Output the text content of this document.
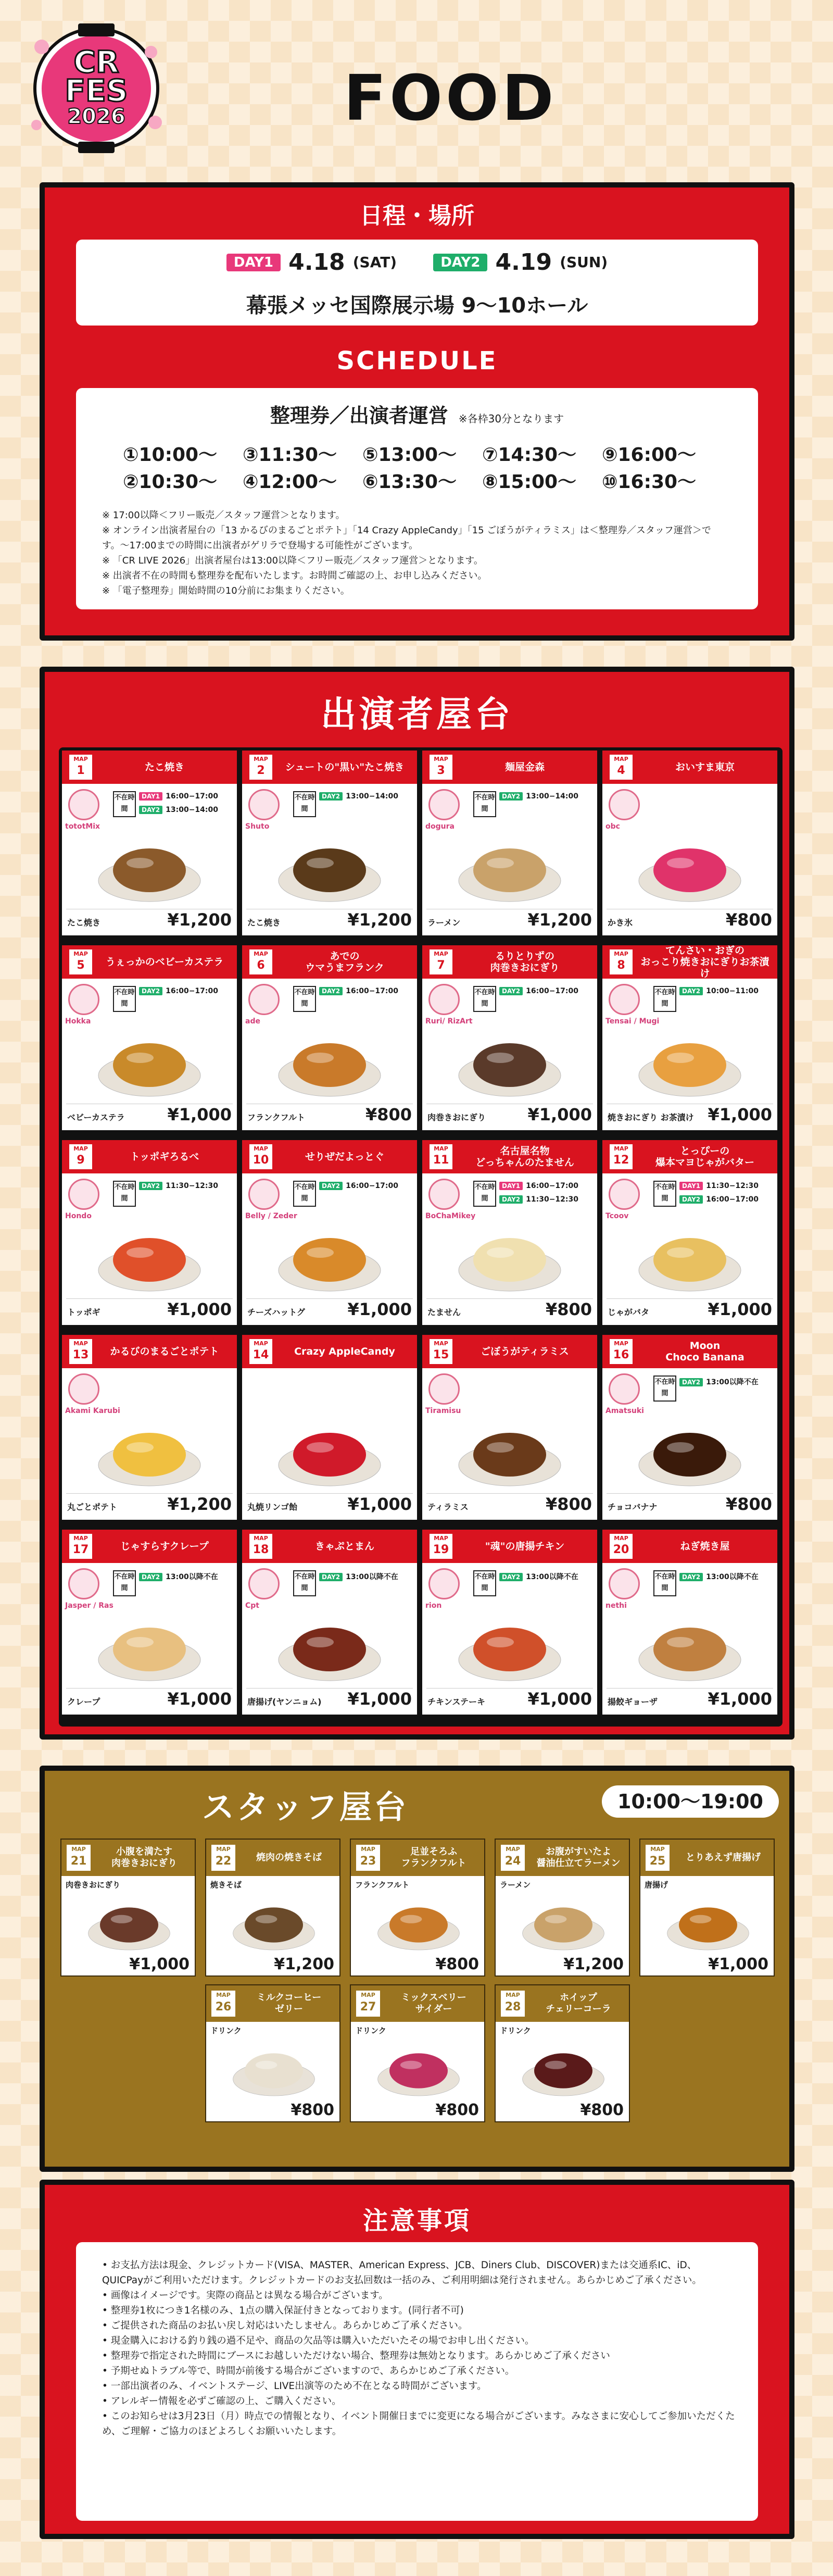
CR
FES
2026	FOOD
日程・場所
DAY1 4.18 (SAT)	DAY2 4.19 (SUN)
幕張メッセ国際展示場 9〜10ホール
SCHEDULE
整理券／出演者運営 ※各枠30分となります
①10:00〜	③11:30〜	⑤13:00〜	⑦14:30〜	⑨16:00〜
②10:30〜	④12:00〜	⑥13:30〜	⑧15:00〜	⑩16:30〜
※ 17:00以降＜フリー販売／スタッフ運営＞となります。
※ オンライン出演者屋台の「13 かるびのまるごとポテト」「14 Crazy AppleCandy」「15 ごぼうがティラミス」は＜整理券／スタッフ運営＞です。〜17:00までの時間に出演者がゲリラで登場する可能性がございます。
※ 「CR LIVE 2026」出演者屋台は13:00以降＜フリー販売／スタッフ運営＞となります。
※ 出演者不在の時間も整理券を配布いたします。お時間ご確認の上、お申し込みください。
※ 「電子整理券」開始時間の10分前にお集まりください。
出演者屋台
MAP
1	たこ焼き
tototMix
不在時間
DAY1 16:00−17:00
DAY2 13:00−14:00
たこ焼き	¥1,200
MAP
2	シュートの"黒い"たこ焼き
Shuto
不在時間
DAY2 13:00−14:00
たこ焼き	¥1,200
MAP
3	麺屋金森
dogura
不在時間
DAY2 13:00−14:00
ラーメン	¥1,200
MAP
4	おいすま東京
obc
かき氷	¥800
MAP
5	うぇっかのベビーカステラ
Hokka
不在時間
DAY2 16:00−17:00
ベビーカステラ	¥1,000
MAP
6
あでの
ウマうまフランク
ade
不在時間
DAY2 16:00−17:00
フランクフルト	¥800
MAP
7
るりとりずの
肉巻きおにぎり
Ruri/ RizArt
不在時間
DAY2 16:00−17:00
肉巻きおにぎり	¥1,000
MAP
8
てんさい・おぎの
おっこり焼きおにぎりお茶漬け
Tensai / Mugi
不在時間
DAY2 10:00−11:00
焼きおにぎり お茶漬け ¥1,000
MAP
9	トッポギろるべ
Hondo
不在時間
DAY2 11:30−12:30
トッポギ	¥1,000
MAP
10	せりぜだよっとぐ
Belly / Zeder
不在時間
DAY2 16:00−17:00
チーズハットグ	¥1,000
MAP
11
名古屋名物
どっちゃんのたません
BoChaMikey
不在時間
DAY1 16:00−17:00
DAY2 11:30−12:30
たません	¥800
MAP
12
とっぴーの
爆本マヨじゃがバター
Tcoov
不在時間
DAY1 11:30−12:30
DAY2 16:00−17:00
じゃがバタ	¥1,000
MAP
13	かるびのまるごとポテト
Akami Karubi
丸ごとポテト	¥1,200
MAP
14	Crazy AppleCandy
丸焼リンゴ飴	¥1,000
MAP
15	ごぼうがティラミス
Tiramisu
ティラミス	¥800
MAP
16
Moon
Choco Banana
Amatsuki
不在時間
DAY2 13:00以降不在
チョコバナナ	¥800
MAP
17	じゃすらすクレープ
Jasper / Ras
不在時間
DAY2 13:00以降不在
クレープ	¥1,000
MAP
18	きゃぷとまん
Cpt
不在時間
DAY2 13:00以降不在
唐揚げ(ヤンニョム) ¥1,000
MAP
19	"魂"の唐揚チキン
rion
不在時間
DAY2 13:00以降不在
チキンステーキ	¥1,000
MAP
20	ねぎ焼き屋
nethi
不在時間
DAY2 13:00以降不在
揚餃ギョーザ	¥1,000
スタッフ屋台	10:00〜19:00
MAP
21
小腹を満たす
肉巻きおにぎり
肉巻きおにぎり
¥1,000
MAP
22	焼肉の焼きそば
焼きそば
¥1,200
MAP
23
足並そろふ
フランクフルト
フランクフルト
¥800
MAP
24
お腹がすいたよ
醤油仕立てラーメン
ラーメン
¥1,200
MAP
25	とりあえず唐揚げ
唐揚げ
¥1,000
MAP
26
ミルクコーヒー
ゼリー
ドリンク
¥800
MAP
27
ミックスベリー
サイダー
ドリンク
¥800
MAP
28
ホイップ
チェリーコーラ
ドリンク
¥800
注意事項
• お支払方法は現金、クレジットカード(VISA、MASTER、American Express、JCB、Diners Club、DISCOVER)または交通系IC、iD、QUICPayがご利用いただけます。クレジットカードのお支払回数は一括のみ、ご利用明細は発行されません。あらかじめご了承ください。
• 画像はイメージです。実際の商品とは異なる場合がございます。
• 整理券1枚につき1名様のみ、1点の購入保証付きとなっております。(同行者不可)
• ご提供された商品のお払い戻し対応はいたしません。あらかじめご了承ください。
• 現金購入における釣り銭の過不足や、商品の欠品等は購入いただいたその場でお申し出ください。
• 整理券で指定された時間にブースにお越しいただけない場合、整理券は無効となります。あらかじめご了承ください
• 予期せぬトラブル等で、時間が前後する場合がございますので、あらかじめご了承ください。
• 一部出演者のみ、イベントステージ、LIVE出演等のため不在となる時間がございます。
• アレルギー情報を必ずご確認の上、ご購入ください。
• このお知らせは3月23日（月）時点での情報となり、イベント開催日までに変更になる場合がございます。みなさまに安心してご参加いただくため、ご理解・ご協力のほどよろしくお願いいたします。
